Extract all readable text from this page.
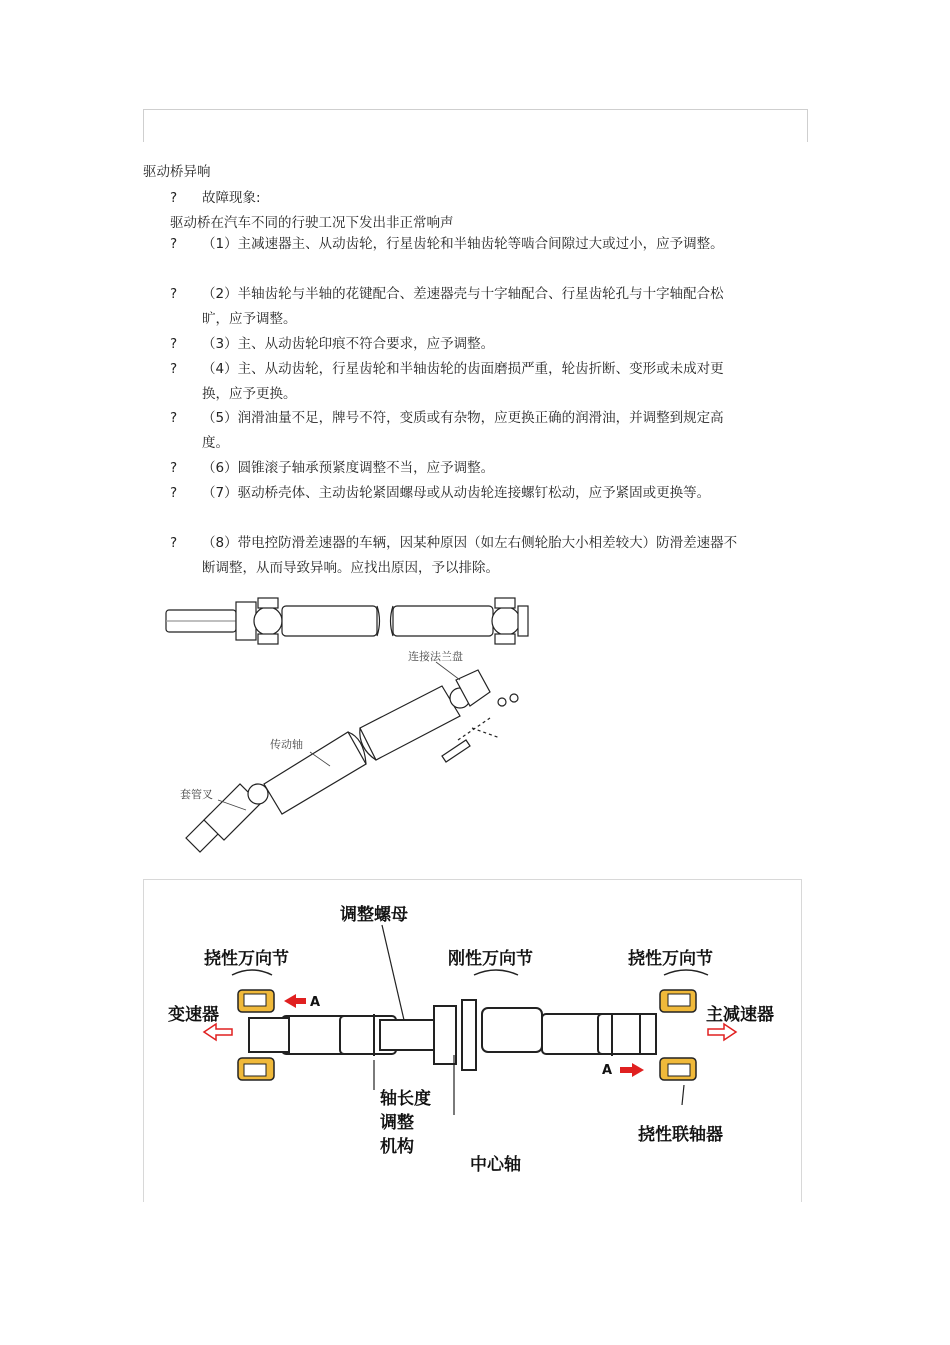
驱动桥异响
? 故障现象:
驱动桥在汽车不同的行驶工况下发出非正常响声
? （1）主减速器主、从动齿轮，行星齿轮和半轴齿轮等啮合间隙过大或过小，应予调整。
? （2）半轴齿轮与半轴的花键配合、差速器壳与十字轴配合、行星齿轮孔与十字轴配合松旷，应予调整。
? （3）主、从动齿轮印痕不符合要求，应予调整。
? （4）主、从动齿轮，行星齿轮和半轴齿轮的齿面磨损严重，轮齿折断、变形或未成对更换，应予更换。
? （5）润滑油量不足，牌号不符，变质或有杂物，应更换正确的润滑油，并调整到规定高度。
? （6）圆锥滚子轴承预紧度调整不当，应予调整。
? （7）驱动桥壳体、主动齿轮紧固螺母或从动齿轮连接螺钉松动，应予紧固或更换等。
? （8）带电控防滑差速器的车辆，因某种原因（如左右侧轮胎大小相差较大）防滑差速器不断调整，从而导致异响。应找出原因，予以排除。
连接法兰盘
传动轴
套管叉
调整螺母
挠性万向节	刚性万向节	挠性万向节
变速器	主减速器
A
A
轴长度
调整
机构
中心轴
挠性联轴器
